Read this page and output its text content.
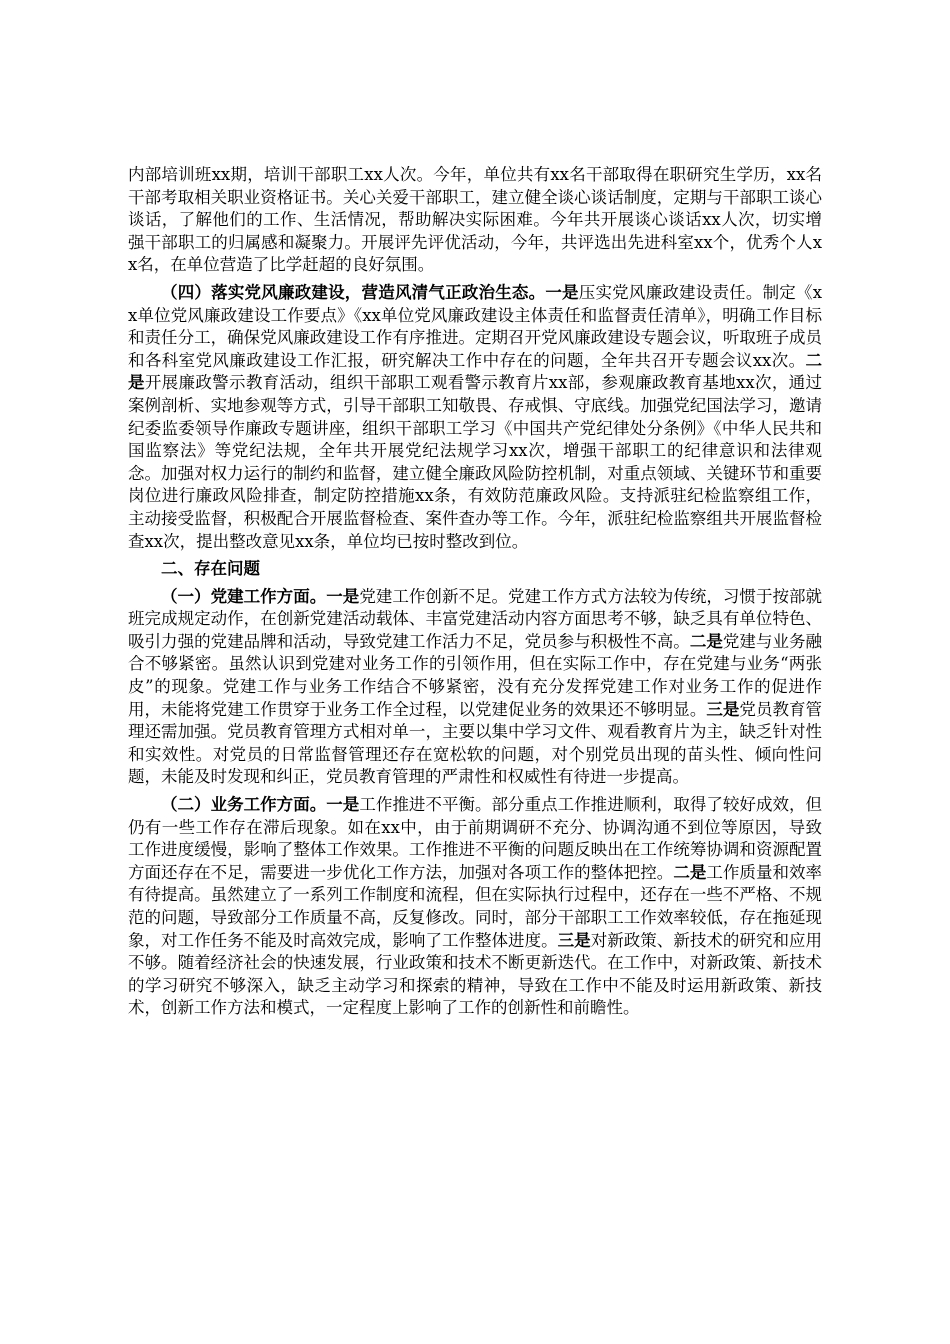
内部培训班xx期，培训干部职工xx人次。今年，单位共有xx名干部取得在职研究生学历，xx名干部考取相关职业资格证书。关心关爱干部职工，建立健全谈心谈话制度，定期与干部职工谈心谈话，了解他们的工作、生活情况，帮助解决实际困难。今年共开展谈心谈话xx人次，切实增强干部职工的归属感和凝聚力。开展评先评优活动，今年，共评选出先进科室xx个，优秀个人xx名，在单位营造了比学赶超的良好氛围。

（四）落实党风廉政建设，营造风清气正政治生态。一是压实党风廉政建设责任。制定《xx单位党风廉政建设工作要点》《xx单位党风廉政建设主体责任和监督责任清单》，明确工作目标和责任分工，确保党风廉政建设工作有序推进。定期召开党风廉政建设专题会议，听取班子成员和各科室党风廉政建设工作汇报，研究解决工作中存在的问题，全年共召开专题会议xx次。二是开展廉政警示教育活动，组织干部职工观看警示教育片xx部，参观廉政教育基地xx次，通过案例剖析、实地参观等方式，引导干部职工知敬畏、存戒惧、守底线。加强党纪国法学习，邀请纪委监委领导作廉政专题讲座，组织干部职工学习《中国共产党纪律处分条例》《中华人民共和国监察法》等党纪法规，全年共开展党纪法规学习xx次，增强干部职工的纪律意识和法律观念。加强对权力运行的制约和监督，建立健全廉政风险防控机制，对重点领域、关键环节和重要岗位进行廉政风险排查，制定防控措施xx条，有效防范廉政风险。支持派驻纪检监察组工作，主动接受监督，积极配合开展监督检查、案件查办等工作。今年，派驻纪检监察组共开展监督检查xx次，提出整改意见xx条，单位均已按时整改到位。

二、存在问题

（一）党建工作方面。一是党建工作创新不足。党建工作方式方法较为传统，习惯于按部就班完成规定动作，在创新党建活动载体、丰富党建活动内容方面思考不够，缺乏具有单位特色、吸引力强的党建品牌和活动，导致党建工作活力不足，党员参与积极性不高。二是党建与业务融合不够紧密。虽然认识到党建对业务工作的引领作用，但在实际工作中，存在党建与业务“两张皮”的现象。党建工作与业务工作结合不够紧密，没有充分发挥党建工作对业务工作的促进作用，未能将党建工作贯穿于业务工作全过程，以党建促业务的效果还不够明显。三是党员教育管理还需加强。党员教育管理方式相对单一，主要以集中学习文件、观看教育片为主，缺乏针对性和实效性。对党员的日常监督管理还存在宽松软的问题，对个别党员出现的苗头性、倾向性问题，未能及时发现和纠正，党员教育管理的严肃性和权威性有待进一步提高。

（二）业务工作方面。一是工作推进不平衡。部分重点工作推进顺利，取得了较好成效，但仍有一些工作存在滞后现象。如在xx中，由于前期调研不充分、协调沟通不到位等原因，导致工作进度缓慢，影响了整体工作效果。工作推进不平衡的问题反映出在工作统筹协调和资源配置方面还存在不足，需要进一步优化工作方法，加强对各项工作的整体把控。二是工作质量和效率有待提高。虽然建立了一系列工作制度和流程，但在实际执行过程中，还存在一些不严格、不规范的问题，导致部分工作质量不高，反复修改。同时，部分干部职工工作效率较低，存在拖延现象，对工作任务不能及时高效完成，影响了工作整体进度。三是对新政策、新技术的研究和应用不够。随着经济社会的快速发展，行业政策和技术不断更新迭代。在工作中，对新政策、新技术的学习研究不够深入，缺乏主动学习和探索的精神，导致在工作中不能及时运用新政策、新技术，创新工作方法和模式，一定程度上影响了工作的创新性和前瞻性。
